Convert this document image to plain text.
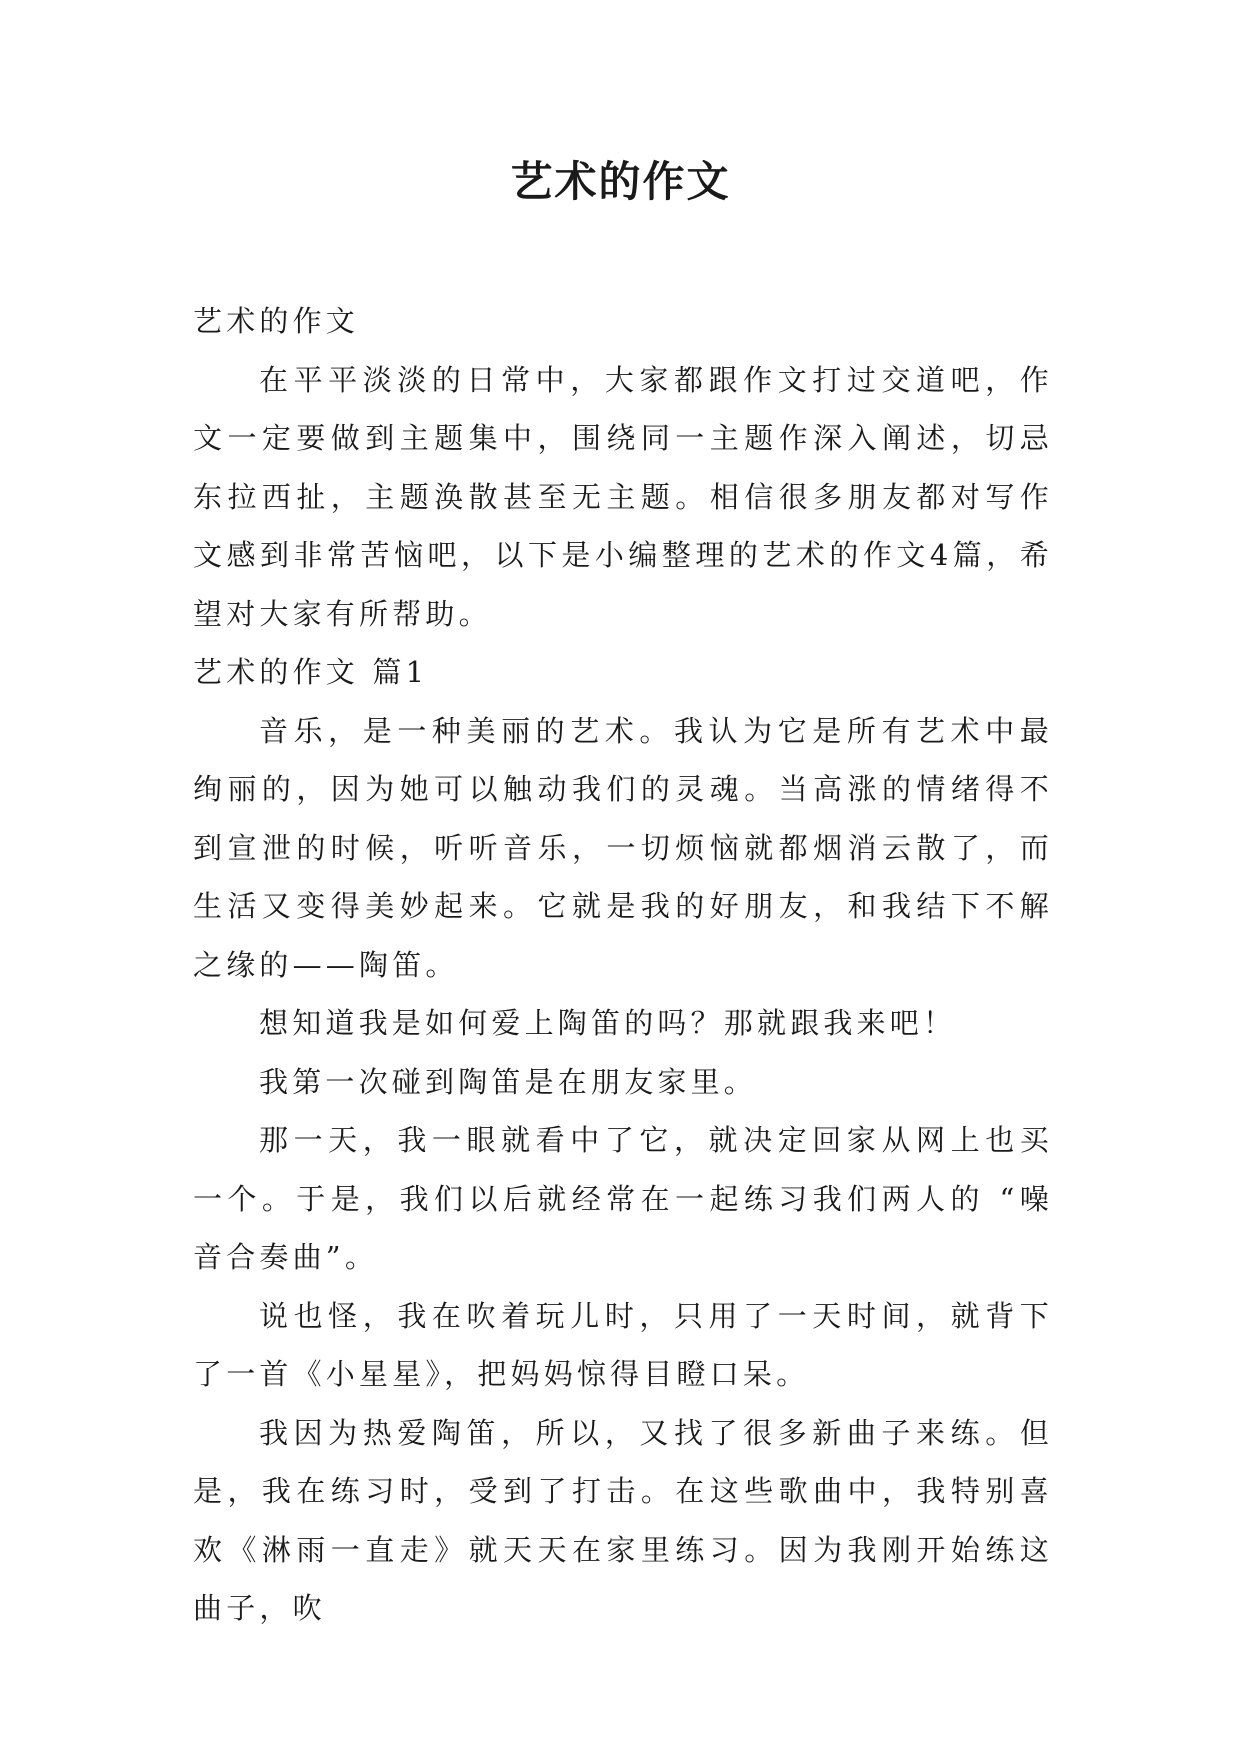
艺术的作文

艺术的作文

在平平淡淡的日常中，大家都跟作文打过交道吧，作文一定要做到主题集中，围绕同一主题作深入阐述，切忌东拉西扯，主题涣散甚至无主题。相信很多朋友都对写作文感到非常苦恼吧，以下是小编整理的艺术的作文4篇，希望对大家有所帮助。

艺术的作文 篇1

音乐，是一种美丽的艺术。我认为它是所有艺术中最绚丽的，因为她可以触动我们的灵魂。当高涨的情绪得不到宣泄的时候，听听音乐，一切烦恼就都烟消云散了，而生活又变得美妙起来。它就是我的好朋友，和我结下不解之缘的——陶笛。

想知道我是如何爱上陶笛的吗？那就跟我来吧！

我第一次碰到陶笛是在朋友家里。

那一天，我一眼就看中了它，就决定回家从网上也买一个。于是，我们以后就经常在一起练习我们两人的 “噪音合奏曲”。

说也怪，我在吹着玩儿时，只用了一天时间，就背下了一首《小星星》，把妈妈惊得目瞪口呆。

我因为热爱陶笛，所以，又找了很多新曲子来练。但是，我在练习时，受到了打击。在这些歌曲中，我特别喜欢《淋雨一直走》就天天在家里练习。因为我刚开始练这曲子，吹
